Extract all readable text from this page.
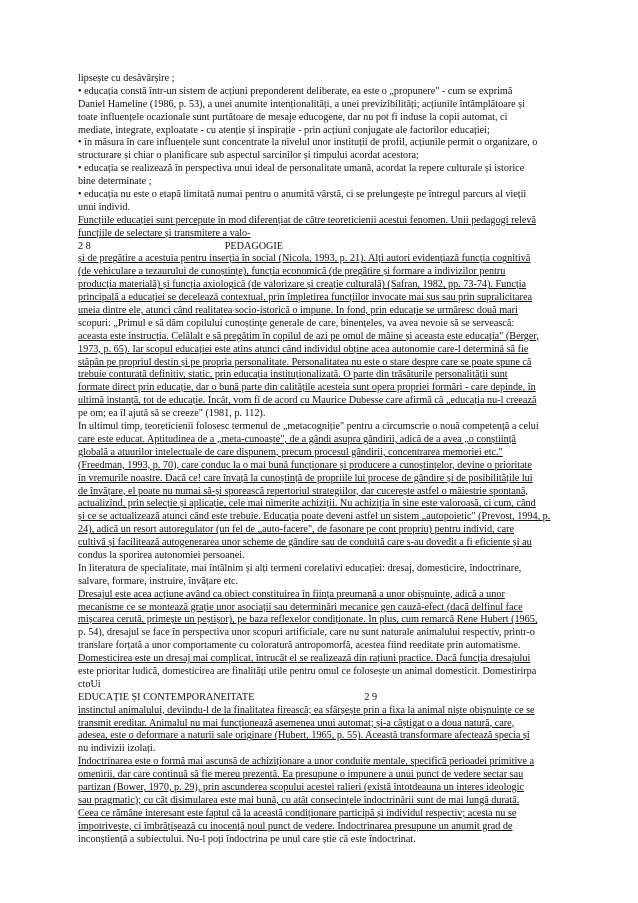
lipsește cu desăvârșire ;
• educația constă într-un sistem de acțiuni preponderent deliberate, ea este o „propunere" - cum se exprimă
Daniel Hameline (1986, p. 53), a unei anumite intenționalități, a unei previzibilități; acțiunile întâmplătoare și
toate influențele ocazionale sunt purtătoare de mesaje educogene, dar nu pot fi induse la copii automat, ci
mediate, integrate, exploatate - cu atenție și inspirație - prin acțiuni conjugate ale factorilor educației;
• în măsura în care influențele sunt concentrate la nivelul unor instituții de profil, acțiunile permit o organizare, o
structurare și chiar o planificare sub aspectul sarcinilor și timpului acordat acestora;
• educația se realizează în perspectiva unui ideal de personalitate umană, acordat la repere culturale și istorice
bine determinate ;
• educația nu este o etapă limitată numai pentru o anumită vârstă, ci se prelungește pe întregul parcurs al vieții
unui individ.
Funcțiile educației sunt percepute în mod diferențiat de către teoreticienii acestui fenomen. Unii pedagogi relevă
funcțiile de selectare și transmitere a valo-
2 8	PEDAGOGIE
și de pregătire a acestuia pentru inserția în social (Nicola, 1993, p. 21). Alți autori evidențiază funcția cognitivă
(de vehiculare a tezaurului de cunoștințe), funcția economică (de pregătire și formare a indivizilor pentru
producția materială) și funcția axiologică (de valorizare și creație culturală) (Safran, 1982, pp. 73-74). Funcția
principală a educației se deceleazā contextual, prin împletirea funcțiilor invocate mai sus sau prin supralicitarea
uneia dintre ele, atunci când realitatea socio-istorică o impune. În fond, prin educație se urmăresc două mari
scopuri: „Primul e să dăm copilului cunoștințe generale de care, binențeles, va avea nevoie să se servească:
aceasta este instrucția. Celălalt e să pregătim în copilul de azi pe omul de mâine și aceasta este educația" (Berger,
1973, p. 65). Iar scopul educației este atins atunci când individul obține acea autonomie care-l determină să fie
stăpân pe propriul destin și pe propria personalitate. Personalitatea nu este o stare despre care se poate spune că
trebuie conturată definitiv, static, prin educația instituționalizată. O parte din trăsăturile personalității sunt
formate direct prin educație, dar o bună parte din calitățile acesteia sunt opera propriei formări - care depinde, în
ultimă instanță, tot de educație. Încât, vom fi de acord cu Maurice Dubesse care afirmă că „educația nu-l creează
pe om; ea îl ajută să se creeze" (1981, p. 112).
În ultimul timp, teoreticienii folosesc termenul de „metacogniție" pentru a circumscrie o nouă competență a celui
care este educat. Aptitudinea de a „meta-cunoaște", de a gândi asupra gândirii, adică de a avea „o conștiință
globală a atuurilor intelectuale de care dispunem, precum procesul gândirii, concentrarea memoriei etc."
(Freedman, 1993, p. 70), care conduc la o mai bună funcționare și producere a cunoștințelor, devine o prioritate
în vremurile noastre. Dacă ce! care învață la cunoștință de propriile lui procese de gândire și de posibilitățile lui
de învățare, el poate nu numai să-și sporească repertoriul strategiilor, dar cucerește astfel o măiestrie spontană,
actualizînd, prin selecție și aplicație, cele mai nimerite achiziții. Nu achiziția în sine este valoroasă, ci cum, când
și ce se actualizează atunci când este trebuie. Educația poate deveni astfel un sistem „autopoietic" (Prevost, 1994, p.
24), adică un resort autoregulator (un fel de „auto-facere", de fasonare pe cont propriu) pentru individ, care
cultivă și facilitează autogenerarea unor scheme de gândire sau de conduită care s-au dovedit a fi eficiente și au
condus la sporirea autonomiei persoanei.
În literatura de specialitate, mai întâlnim și alți termeni corelativi educației: dresaj, domesticire, îndoctrinare,
salvare, formare, instruire, învățare etc.
Dresajul este acea acțiune având ca obiect constituirea în ființa preumană a unor obișnuințe, adică a unor
mecanisme ce se montează grație unor asociații sau determinări mecanice gen cauză-efect (dacă delfinul face
mișcarea cerută, primește un peștișor), pe baza reflexelor condiționate. În plus, cum remarcă Rene Hubert (1965,
p. 54), dresajul se face în perspectiva unor scopuri artificiale, care nu sunt naturale animalului respectiv, printr-o
translare forțată a unor comportamente cu coloratură antropomorfă, acestea fiind reeditate prin automatisme.
Domesticirea este un dresaj mai complicat, întrucât el se realizează din rațiuni practice. Dacă funcția dresajului
este prioritar ludică, domesticirea are finalități utile pentru omul ce folosește un animal domesticit. Domestirirpa
ctoUi
EDUCAȚIE ȘI CONTEMPORANEITATE	2 9
instinctul animalului, deviindu-l de la finalitatea firească; ea sfârșește prin a fixa la animal niște obișnuințe ce se
transmit ereditar. Animalul nu mai funcționează asemenea unui automat; și-a câștigat o a doua natură, care,
adesea, este o deformare a naturii sale originare (Hubert, 1965, p. 55). Această transformare afectează specia și
nu indivizii izolați.
Îndoctrinarea este o formă mai ascunsă de achiziționare a unor conduite mentale, specifică perioadei primitive a
omenirii, dar care continuă să fie mereu prezentă. Ea presupune o impunere a unui punct de vedere sectar sau
partizan (Bower, 1970, p. 29), prin ascunderea scopului acestei ralieri (există întotdeauna un interes ideologic
sau pragmatic); cu cât disimularea este mai bună, cu atât consecințele îndoctrinării sunt de mai lungă durată.
Ceea ce rămâne interesant este faptul că la această condiționare participă și individul respectiv; acesta nu se
împotrivește, ci îmbrățișează cu inocență noul punct de vedere. Îndoctrinarea presupune un anumit grad de
inconștiență a subiectului. Nu-l poți îndoctrina pe unul care știe că este îndoctrinat.
